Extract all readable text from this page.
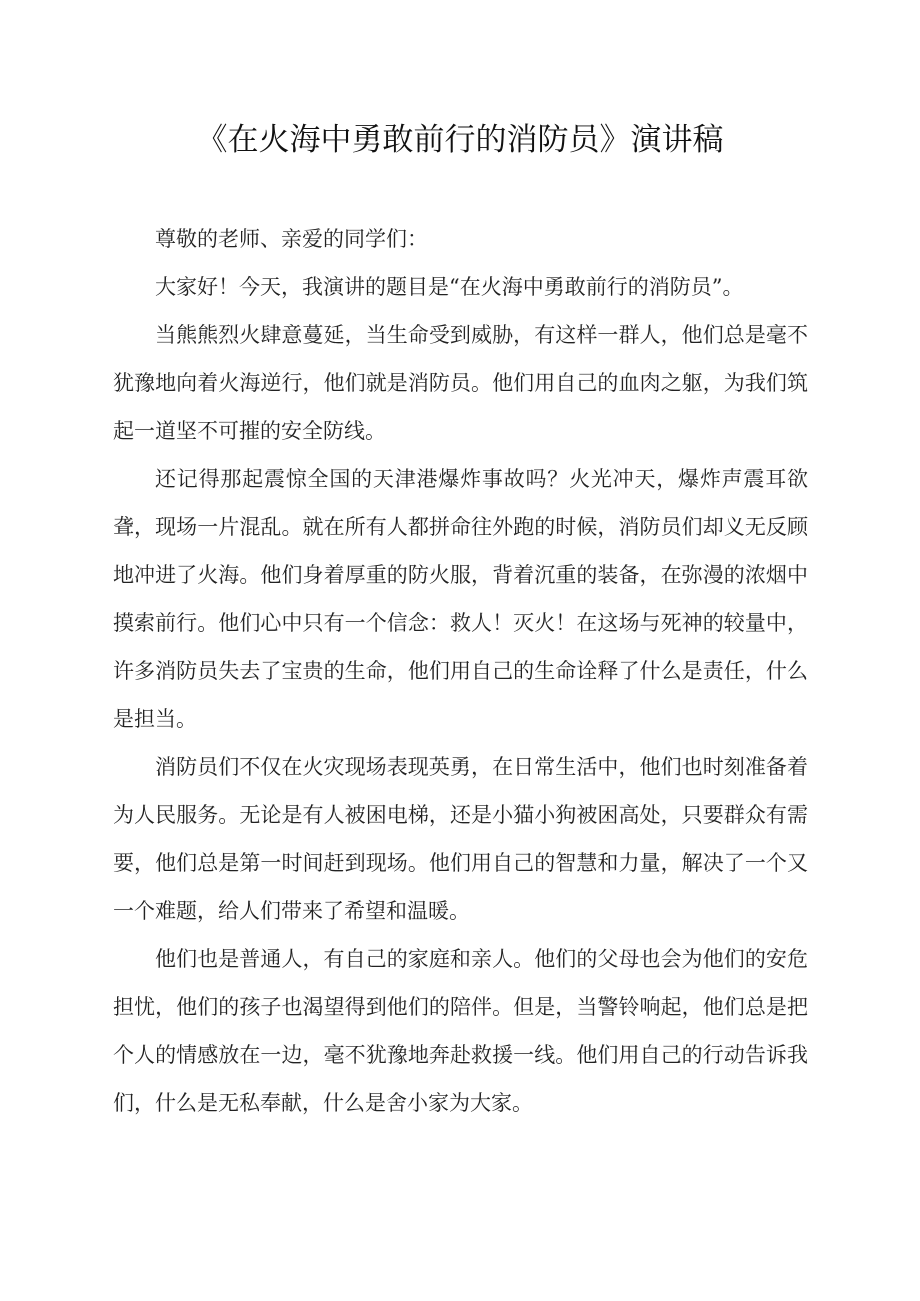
《在火海中勇敢前行的消防员》演讲稿

尊敬的老师、亲爱的同学们：

大家好！今天，我演讲的题目是“在火海中勇敢前行的消防员”。

当熊熊烈火肆意蔓延，当生命受到威胁，有这样一群人，他们总是毫不犹豫地向着火海逆行，他们就是消防员。他们用自己的血肉之躯，为我们筑起一道坚不可摧的安全防线。

还记得那起震惊全国的天津港爆炸事故吗？火光冲天，爆炸声震耳欲聋，现场一片混乱。就在所有人都拼命往外跑的时候，消防员们却义无反顾地冲进了火海。他们身着厚重的防火服，背着沉重的装备，在弥漫的浓烟中摸索前行。他们心中只有一个信念：救人！灭火！在这场与死神的较量中，许多消防员失去了宝贵的生命，他们用自己的生命诠释了什么是责任，什么是担当。

消防员们不仅在火灾现场表现英勇，在日常生活中，他们也时刻准备着为人民服务。无论是有人被困电梯，还是小猫小狗被困高处，只要群众有需要，他们总是第一时间赶到现场。他们用自己的智慧和力量，解决了一个又一个难题，给人们带来了希望和温暖。

他们也是普通人，有自己的家庭和亲人。他们的父母也会为他们的安危担忧，他们的孩子也渴望得到他们的陪伴。但是，当警铃响起，他们总是把个人的情感放在一边，毫不犹豫地奔赴救援一线。他们用自己的行动告诉我们，什么是无私奉献，什么是舍小家为大家。
